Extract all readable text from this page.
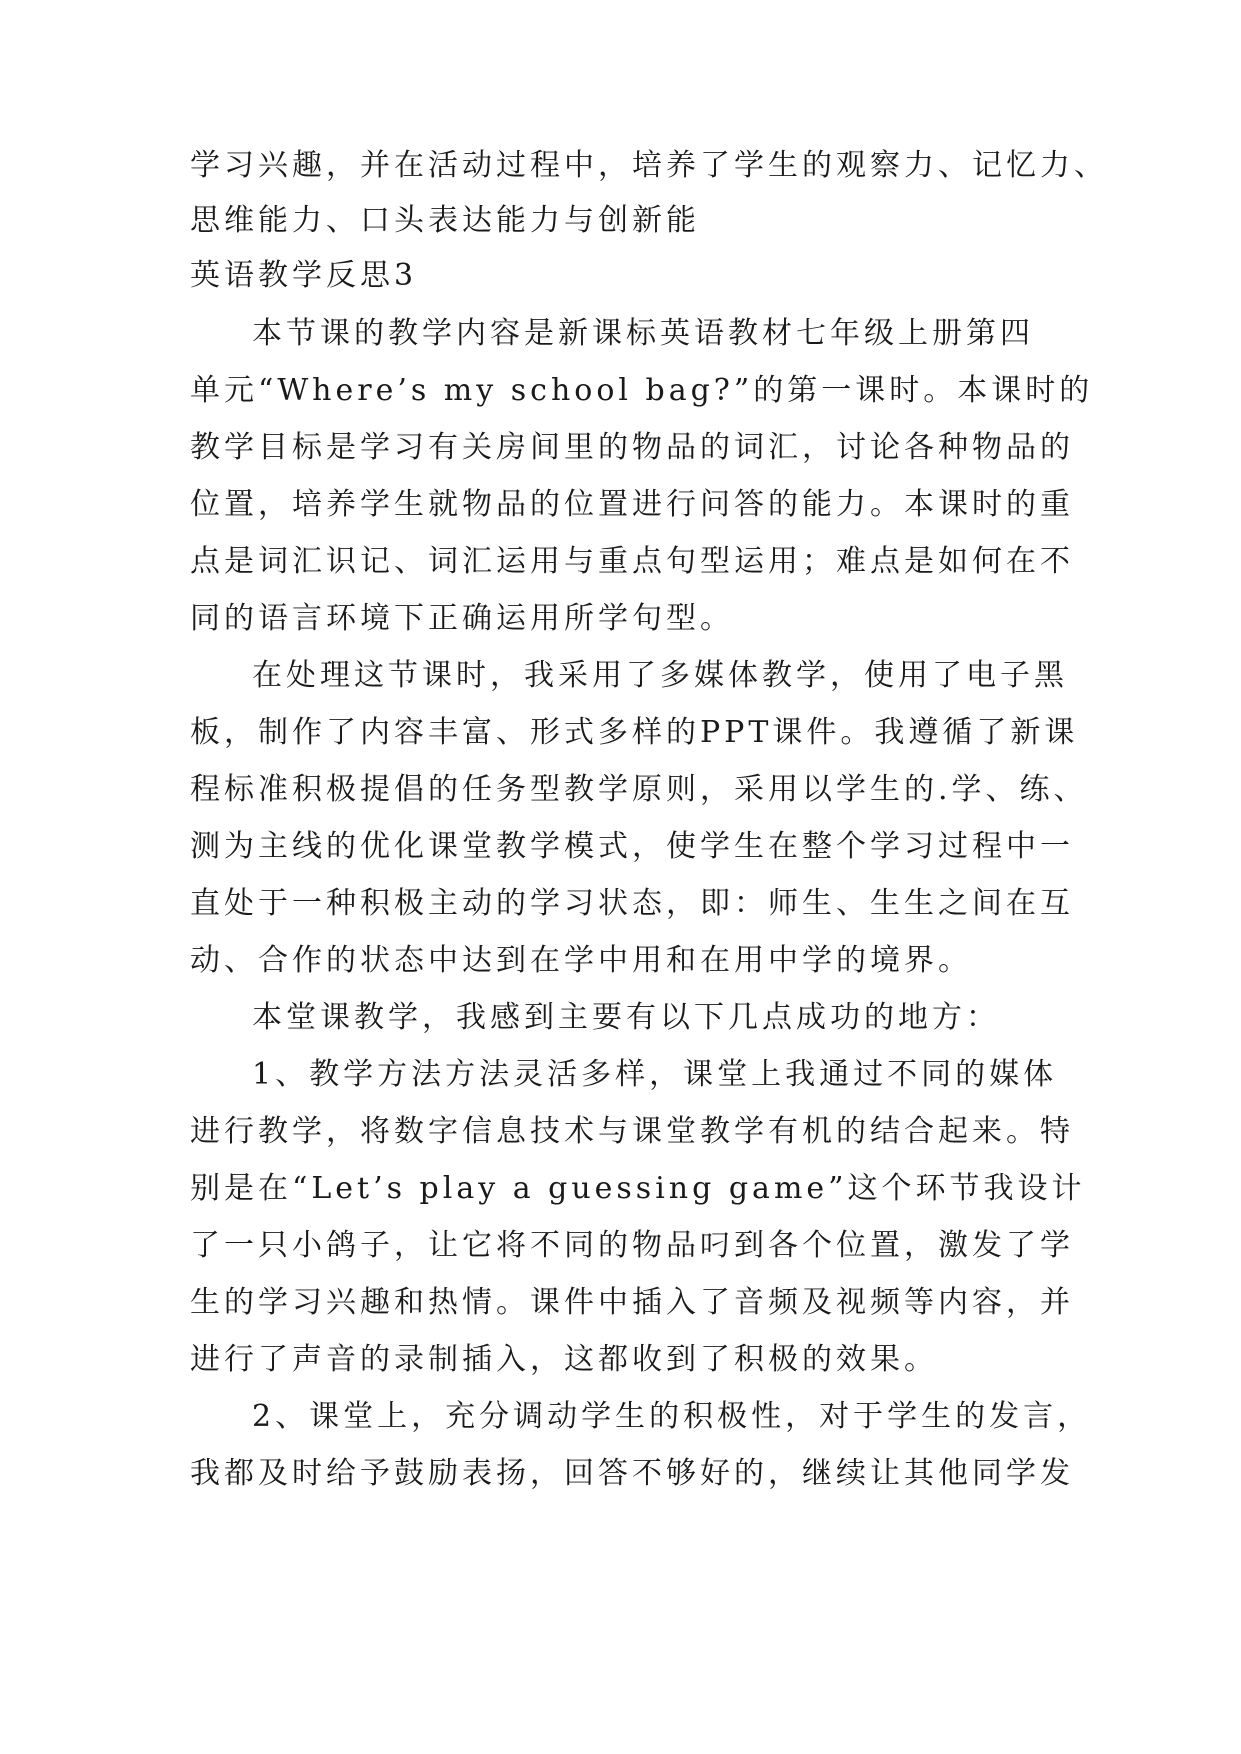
学习兴趣，并在活动过程中，培养了学生的观察力、记忆力、
思维能力、口头表达能力与创新能
英语教学反思3
本节课的教学内容是新课标英语教材七年级上册第四
单元“Where’s my school bag?”的第一课时。本课时的
教学目标是学习有关房间里的物品的词汇，讨论各种物品的
位置，培养学生就物品的位置进行问答的能力。本课时的重
点是词汇识记、词汇运用与重点句型运用；难点是如何在不
同的语言环境下正确运用所学句型。
在处理这节课时，我采用了多媒体教学，使用了电子黑
板，制作了内容丰富、形式多样的PPT课件。我遵循了新课
程标准积极提倡的任务型教学原则，采用以学生的.学、练、
测为主线的优化课堂教学模式，使学生在整个学习过程中一
直处于一种积极主动的学习状态，即：师生、生生之间在互
动、合作的状态中达到在学中用和在用中学的境界。
本堂课教学，我感到主要有以下几点成功的地方：
1、教学方法方法灵活多样，课堂上我通过不同的媒体
进行教学，将数字信息技术与课堂教学有机的结合起来。特
别是在“Let’s play a guessing game”这个环节我设计
了一只小鸽子，让它将不同的物品叼到各个位置，激发了学
生的学习兴趣和热情。课件中插入了音频及视频等内容，并
进行了声音的录制插入，这都收到了积极的效果。
2、课堂上，充分调动学生的积极性，对于学生的发言，
我都及时给予鼓励表扬，回答不够好的，继续让其他同学发
